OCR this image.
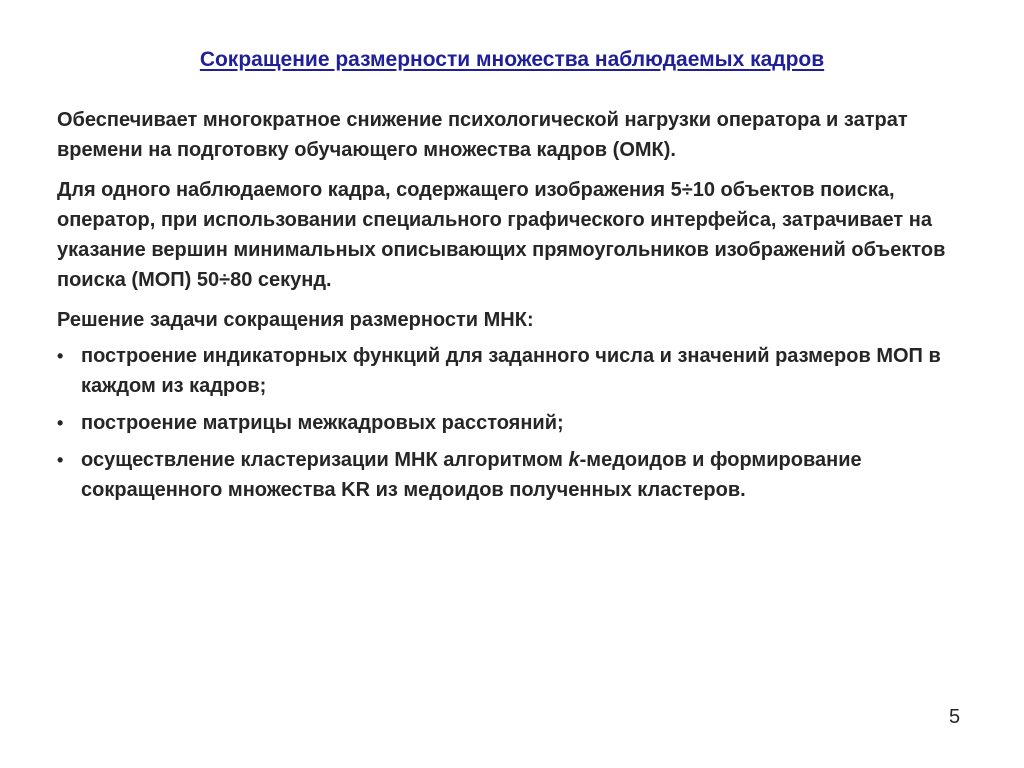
Сокращение размерности множества наблюдаемых кадров
Обеспечивает многократное снижение психологической нагрузки оператора и затрат времени на подготовку обучающего множества кадров (ОМК).
Для одного наблюдаемого кадра, содержащего изображения 5÷10 объектов поиска, оператор, при использовании специального графического интерфейса, затрачивает на указание вершин минимальных описывающих прямоугольников изображений объектов поиска (МОП) 50÷80 секунд.
Решение задачи сокращения размерности МНК:
• построение индикаторных функций для заданного числа и значений размеров МОП в каждом из кадров;
• построение матрицы межкадровых расстояний;
• осуществление кластеризации МНК алгоритмом k-медоидов и формирование сокращенного множества KR из медоидов полученных кластеров.
5
